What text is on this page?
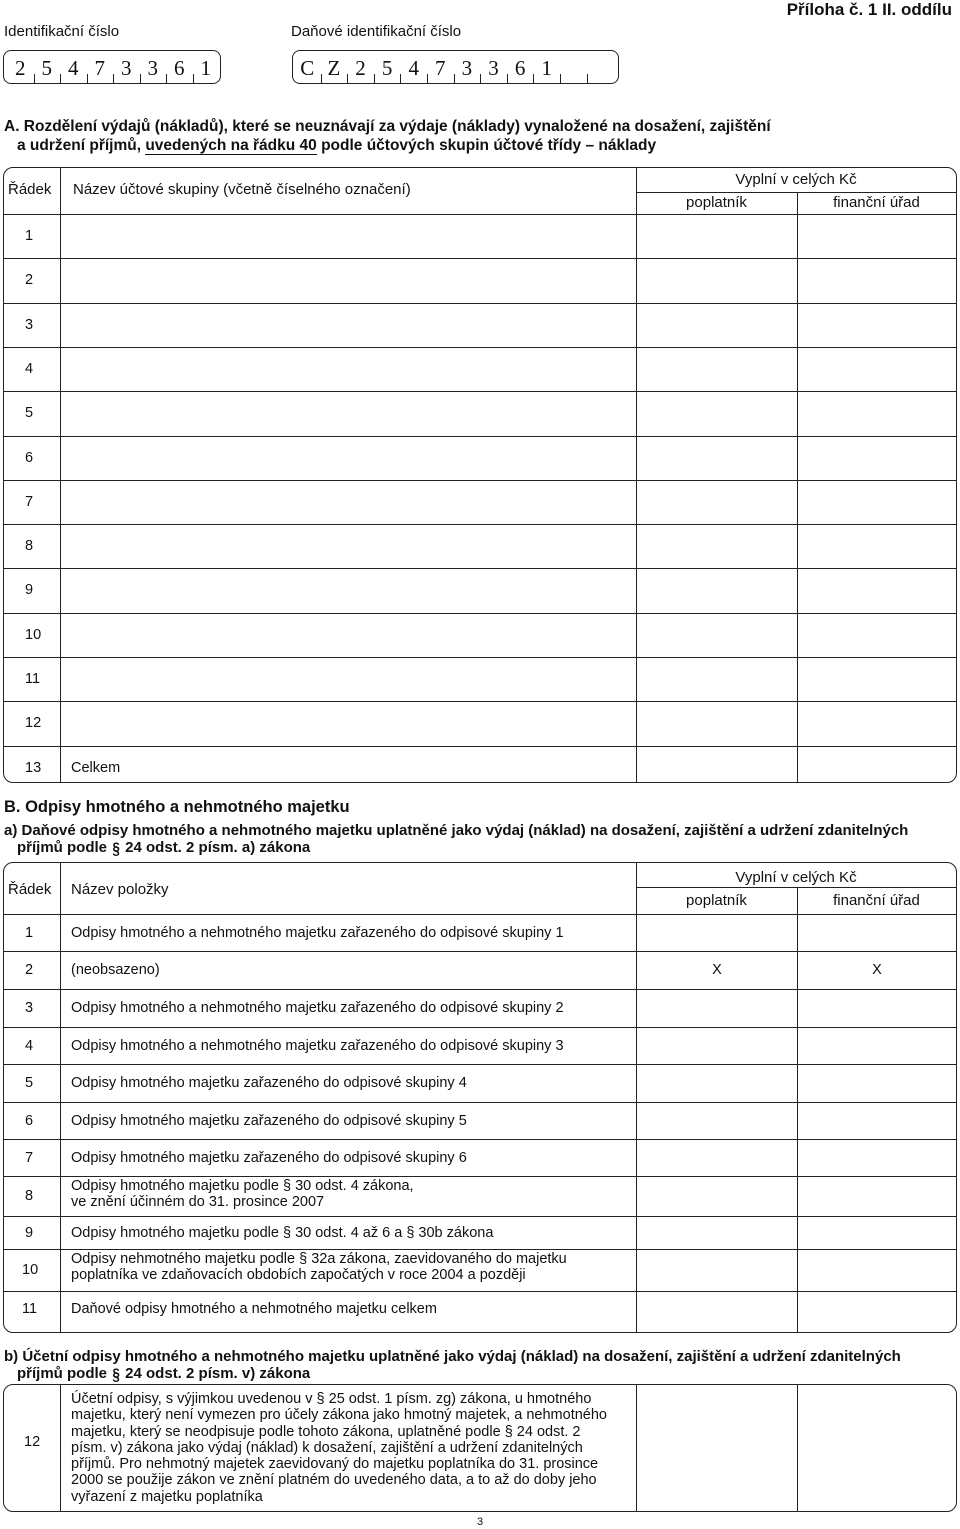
Identifikační číslo	Daňové identifikační číslo
Příloha č. 1 II. oddílu
2 5 4 7 3 3 6 1	C Z 2 5 4 7 3 3 6 1
A. Rozdělení výdajů (nákladů), které se neuznávají za výdaje (náklady) vynaložené na dosažení, zajištění
a udržení příjmů, uvedených na řádku 40 podle účtových skupin účtové třídy – náklady
Řádek Název účtové skupiny (včetně číselného označení)
Vyplní v celých Kč
poplatník	finanční úřad
1
2
3
4
5
6
7
8
9
10
11
12
13 Celkem
B. Odpisy hmotného a nehmotného majetku
a) Daňové odpisy hmotného a nehmotného majetku uplatněné jako výdaj (náklad) na dosažení, zajištění a udržení zdanitelných
příjmů podle § 24 odst. 2 písm. a) zákona
Řádek Název položky
Vyplní v celých Kč
poplatník	finanční úřad
1	Odpisy hmotného a nehmotného majetku zařazeného do odpisové skupiny 1
2	(neobsazeno)	X	X
3	Odpisy hmotného a nehmotného majetku zařazeného do odpisové skupiny 2
4	Odpisy hmotného a nehmotného majetku zařazeného do odpisové skupiny 3
5	Odpisy hmotného majetku zařazeného do odpisové skupiny 4
6	Odpisy hmotného majetku zařazeného do odpisové skupiny 5
7	Odpisy hmotného majetku zařazeného do odpisové skupiny 6
8
Odpisy hmotného majetku podle § 30 odst. 4 zákona,
ve znění účinném do 31. prosince 2007
9	Odpisy hmotného majetku podle § 30 odst. 4 až 6 a § 30b zákona
10
Odpisy nehmotného majetku podle § 32a zákona, zaevidovaného do majetku
poplatníka ve zdaňovacích obdobích započatých v roce 2004 a později
11 Daňové odpisy hmotného a nehmotného majetku celkem
b) Účetní odpisy hmotného a nehmotného majetku uplatněné jako výdaj (náklad) na dosažení, zajištění a udržení zdanitelných
příjmů podle § 24 odst. 2 písm. v) zákona
12
Účetní odpisy, s výjimkou uvedenou v § 25 odst. 1 písm. zg) zákona, u hmotného
majetku, který není vymezen pro účely zákona jako hmotný majetek, a nehmotného
majetku, který se neodpisuje podle tohoto zákona, uplatněné podle § 24 odst. 2
písm. v) zákona jako výdaj (náklad) k dosažení, zajištění a udržení zdanitelných
příjmů. Pro nehmotný majetek zaevidovaný do majetku poplatníka do 31. prosince
2000 se použije zákon ve znění platném do uvedeného data, a to až do doby jeho
vyřazení z majetku poplatníka
3
